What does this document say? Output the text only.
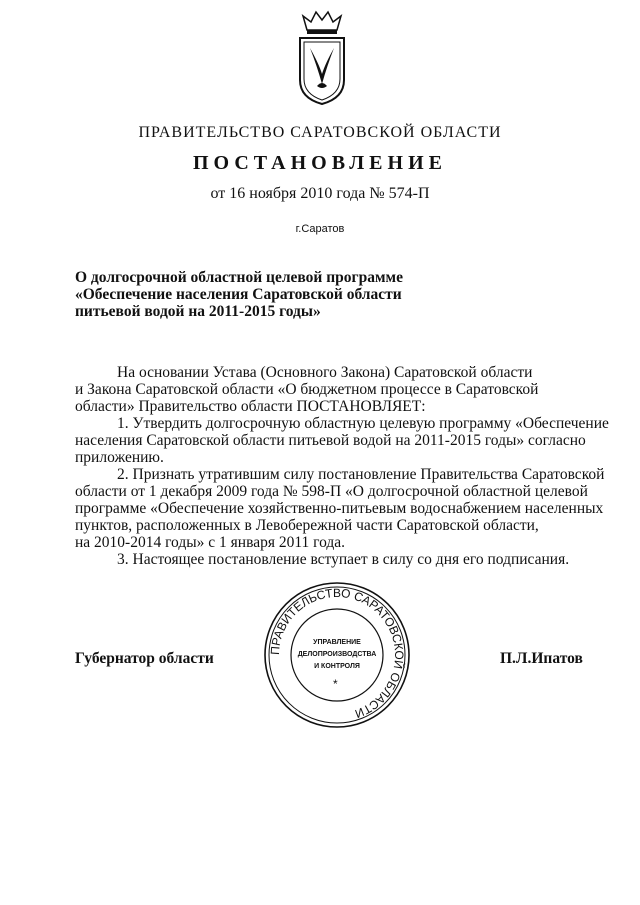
ПРАВИТЕЛЬСТВО САРАТОВСКОЙ ОБЛАСТИ
ПОСТАНОВЛЕНИЕ
от 16 ноября 2010 года № 574-П
г.Саратов
О долгосрочной областной целевой программе
«Обеспечение населения Саратовской области
питьевой водой на 2011-2015 годы»
На основании Устава (Основного Закона) Саратовской области
и Закона Саратовской области «О бюджетном процессе в Саратовской
области» Правительство области ПОСТАНОВЛЯЕТ:
1. Утвердить долгосрочную областную целевую программу «Обеспечение
населения Саратовской области питьевой водой на 2011-2015 годы» согласно
приложению.
2. Признать утратившим силу постановление Правительства Саратовской
области от 1 декабря 2009 года № 598-П «О долгосрочной областной целевой
программе «Обеспечение хозяйственно-питьевым водоснабжением населенных
пунктов, расположенных в Левобережной части Саратовской области,
на 2010-2014 годы» с 1 января 2011 года.
3. Настоящее постановление вступает в силу со дня его подписания.
Губернатор области	П.Л.Ипатов
ПРАВИТЕЛЬСТВО САРАТОВСКОЙ ОБЛАСТИ
УПРАВЛЕНИЕ
ДЕЛОПРОИЗВОДСТВА
И КОНТРОЛЯ
*
